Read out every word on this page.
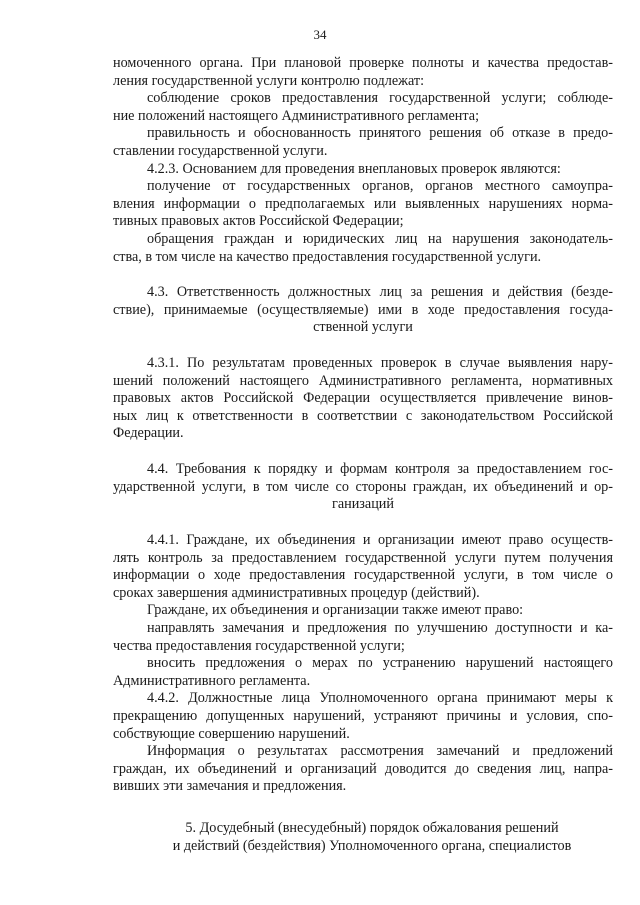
34
номоченного органа. При плановой проверке полноты и качества предостав-
ления государственной услуги контролю подлежат:
соблюдение сроков предоставления государственной услуги; соблюде-
ние положений настоящего Административного регламента;
правильность и обоснованность принятого решения об отказе в предо-
ставлении государственной услуги.
4.2.3. Основанием для проведения внеплановых проверок являются:
получение от государственных органов, органов местного самоупра-
вления информации о предполагаемых или выявленных нарушениях норма-
тивных правовых актов Российской Федерации;
обращения граждан и юридических лиц на нарушения законодатель-
ства, в том числе на качество предоставления государственной услуги.
4.3. Ответственность должностных лиц за решения и действия (безде-
ствие), принимаемые (осуществляемые) ими в ходе предоставления госуда-
ственной услуги
4.3.1. По результатам проведенных проверок в случае выявления нару-
шений положений настоящего Административного регламента, нормативных
правовых актов Российской Федерации осуществляется привлечение винов-
ных лиц к ответственности в соответствии с законодательством Российской
Федерации.
4.4. Требования к порядку и формам контроля за предоставлением гос-
ударственной услуги, в том числе со стороны граждан, их объединений и ор-
ганизаций
4.4.1. Граждане, их объединения и организации имеют право осуществ-
лять контроль за предоставлением государственной услуги путем получения
информации о ходе предоставления государственной услуги, в том числе о
сроках завершения административных процедур (действий).
Граждане, их объединения и организации также имеют право:
направлять замечания и предложения по улучшению доступности и ка-
чества предоставления государственной услуги;
вносить предложения о мерах по устранению нарушений настоящего
Административного регламента.
4.4.2. Должностные лица Уполномоченного органа принимают меры к
прекращению допущенных нарушений, устраняют причины и условия, спо-
собствующие совершению нарушений.
Информация о результатах рассмотрения замечаний и предложений
граждан, их объединений и организаций доводится до сведения лиц, напра-
вивших эти замечания и предложения.
5. Досудебный (внесудебный) порядок обжалования решений
и действий (бездействия) Уполномоченного органа, специалистов
